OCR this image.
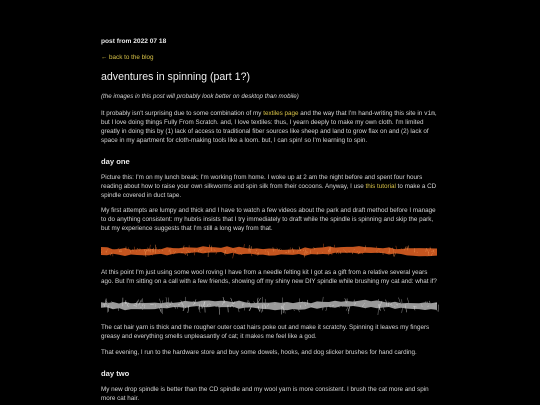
post from 2022 07 18
← back to the blog
adventures in spinning (part 1?)

(the images in this post will probably look better on desktop than mobile)

It probably isn't surprising due to some combination of my textiles page and the way that I'm hand-writing this site in vim, but I love doing things Fully From Scratch. and, I love textiles: thus, I yearn deeply to make my own cloth. I'm limited greatly in doing this by (1) lack of access to traditional fiber sources like sheep and land to grow flax on and (2) lack of space in my apartment for cloth-making tools like a loom. but, I can spin! so I'm learning to spin.

day one

Picture this: I'm on my lunch break; I'm working from home. I woke up at 2 am the night before and spent four hours reading about how to raise your own silkworms and spin silk from their cocoons. Anyway, I use this tutorial to make a CD spindle covered in duct tape.

My first attempts are lumpy and thick and I have to watch a few videos about the park and draft method before I manage to do anything consistent: my hubris insists that I try immediately to draft while the spindle is spinning and skip the park, but my experience suggests that I'm still a long way from that.

At this point I'm just using some wool roving I have from a needle felting kit I got as a gift from a relative several years ago. But I'm sitting on a call with a few friends, showing off my shiny new DIY spindle while brushing my cat and: what if?

The cat hair yarn is thick and the rougher outer coat hairs poke out and make it scratchy. Spinning it leaves my fingers greasy and everything smells unpleasantly of cat; it makes me feel like a god.

That evening, I run to the hardware store and buy some dowels, hooks, and dog slicker brushes for hand carding.

day two

My new drop spindle is better than the CD spindle and my wool yarn is more consistent. I brush the cat more and spin more cat hair.
